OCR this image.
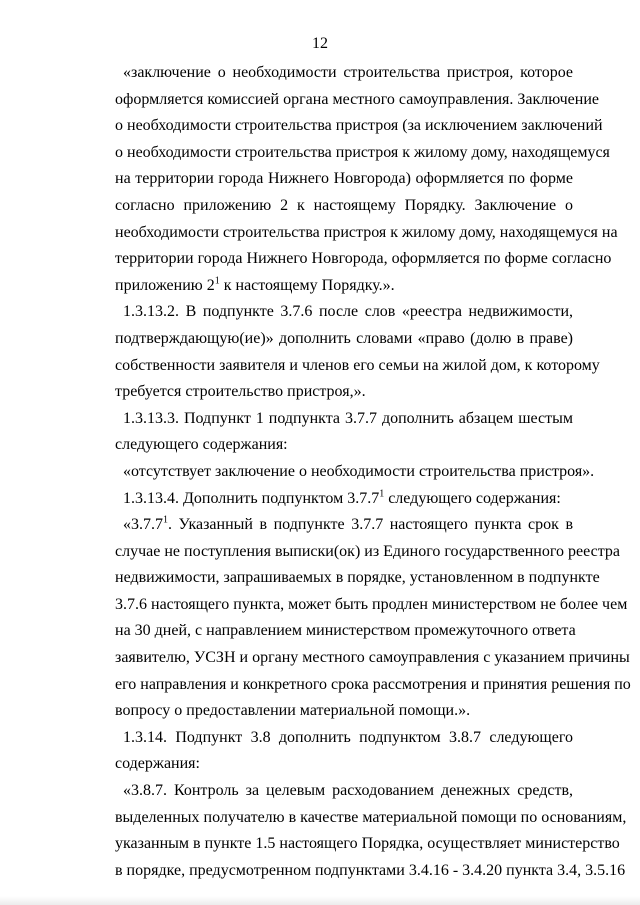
12
«заключение о необходимости строительства пристроя, которое
оформляется комиссией органа местного самоуправления. Заключение
о необходимости строительства пристроя (за исключением заключений
о необходимости строительства пристроя к жилому дому, находящемуся
на территории города Нижнего Новгорода) оформляется по форме
согласно приложению 2 к настоящему Порядку. Заключение о
необходимости строительства пристроя к жилому дому, находящемуся на
территории города Нижнего Новгорода, оформляется по форме согласно
приложению $2^1$ к настоящему Порядку.».
1.3.13.2. В подпункте 3.7.6 после слов «реестра недвижимости,
подтверждающую(ие)» дополнить словами «право (долю в праве)
собственности заявителя и членов его семьи на жилой дом, к которому
требуется строительство пристроя,».
1.3.13.3. Подпункт 1 подпункта 3.7.7 дополнить абзацем шестым
следующего содержания:
«отсутствует заключение о необходимости строительства пристроя».
1.3.13.4. Дополнить подпунктом 3.7.7$^1$ следующего содержания:
«3.7.7$^1$. Указанный в подпункте 3.7.7 настоящего пункта срок в
случае не поступления выписки(ок) из Единого государственного реестра
недвижимости, запрашиваемых в порядке, установленном в подпункте
3.7.6 настоящего пункта, может быть продлен министерством не более чем
на 30 дней, с направлением министерством промежуточного ответа
заявителю, УСЗН и органу местного самоуправления с указанием причины
его направления и конкретного срока рассмотрения и принятия решения по
вопросу о предоставлении материальной помощи.».
1.3.14. Подпункт 3.8 дополнить подпунктом 3.8.7 следующего
содержания:
«3.8.7. Контроль за целевым расходованием денежных средств,
выделенных получателю в качестве материальной помощи по основаниям,
указанным в пункте 1.5 настоящего Порядка, осуществляет министерство
в порядке, предусмотренном подпунктами 3.4.16 - 3.4.20 пункта 3.4, 3.5.16
